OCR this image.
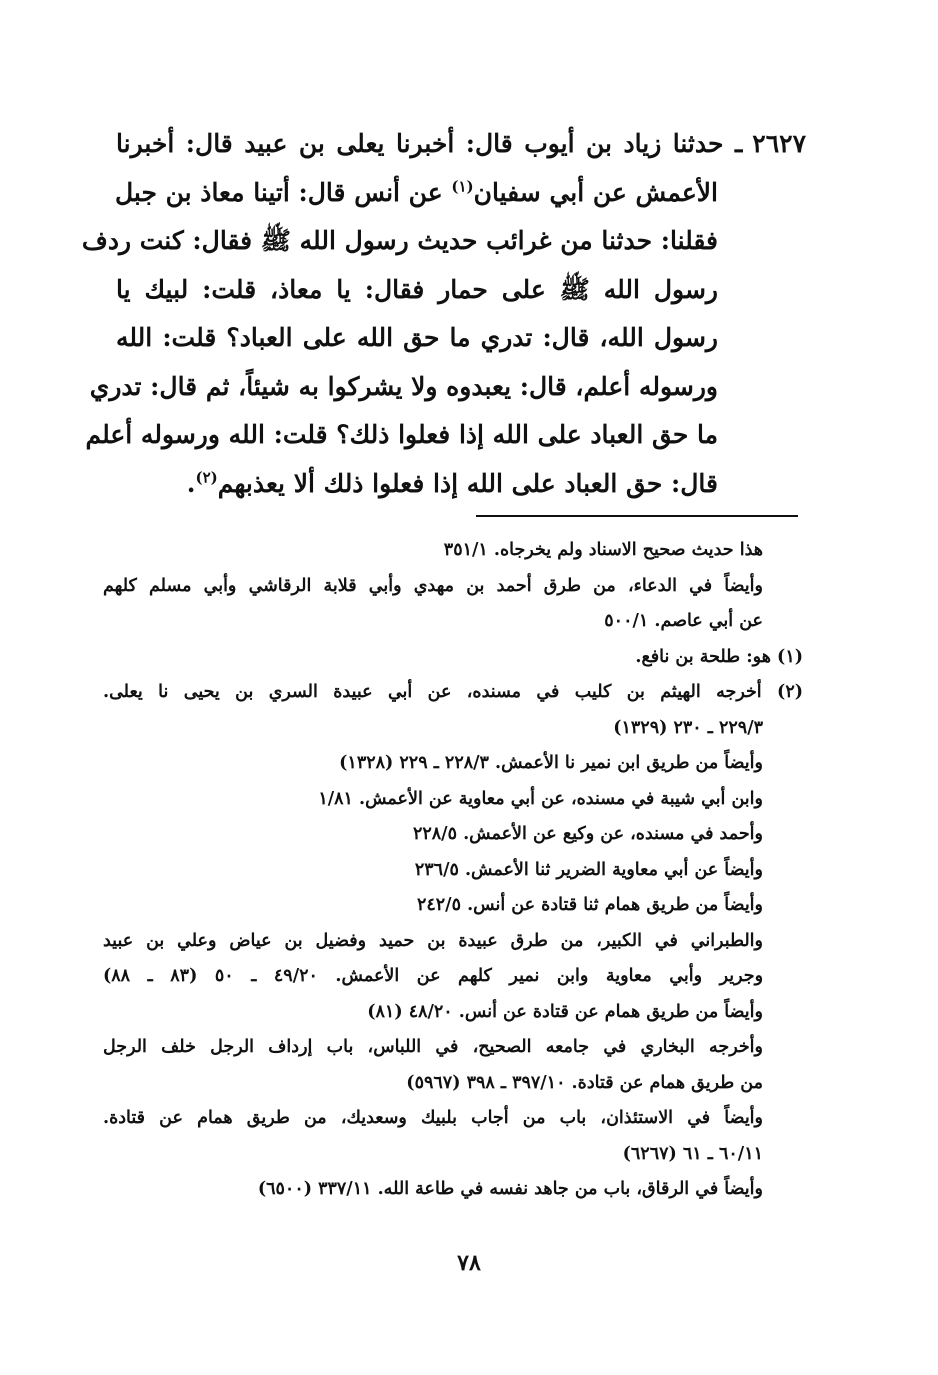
٢٦٢٧ـ حدثنا زياد بن أيوب قال: أخبرنا يعلى بن عبيد قال: أخبرنا
الأعمش عن أبي سفيان$^{(١)}$ عن أنس قال: أتينا معاذ بن جبل
فقلنا: حدثنا من غرائب حديث رسول الله ﷺ فقال: كنت ردف
رسول الله ﷺ على حمار فقال: يا معاذ، قلت: لبيك يا
رسول الله، قال: تدري ما حق الله على العباد؟ قلت: الله
ورسوله أعلم، قال: يعبدوه ولا يشركوا به شيئاً، ثم قال: تدري
ما حق العباد على الله إذا فعلوا ذلك؟ قلت: الله ورسوله أعلم
قال: حق العباد على الله إذا فعلوا ذلك ألا يعذبهم$^{(٢)}$.
هذا حديث صحيح الاسناد ولم يخرجاه. ٣٥١/١
وأيضاً في الدعاء، من طرق أحمد بن مهدي وأبي قلابة الرقاشي وأبي مسلم كلهم
عن أبي عاصم. ٥٠٠/١
(١) هو: طلحة بن نافع.
(٢) أخرجه الهيثم بن كليب في مسنده، عن أبي عبيدة السري بن يحيى نا يعلى.
٢٢٩/٣ ـ ٢٣٠ (١٣٢٩)
وأيضاً من طريق ابن نمير نا الأعمش. ٢٢٨/٣ ـ ٢٢٩ (١٣٢٨)
وابن أبي شيبة في مسنده، عن أبي معاوية عن الأعمش. ١/٨١
وأحمد في مسنده، عن وكيع عن الأعمش. ٢٢٨/٥
وأيضاً عن أبي معاوية الضرير ثنا الأعمش. ٢٣٦/٥
وأيضاً من طريق همام ثنا قتادة عن أنس. ٢٤٢/٥
والطبراني في الكبير، من طرق عبيدة بن حميد وفضيل بن عياض وعلي بن عبيد
وجرير وأبي معاوية وابن نمير كلهم عن الأعمش. ٤٩/٢٠ ـ ٥٠ (٨٣ ـ ٨٨)
وأيضاً من طريق همام عن قتادة عن أنس. ٤٨/٢٠ (٨١)
وأخرجه البخاري في جامعه الصحيح، في اللباس، باب إرداف الرجل خلف الرجل
من طريق همام عن قتادة. ٣٩٧/١٠ ـ ٣٩٨ (٥٩٦٧)
وأيضاً في الاستئذان، باب من أجاب بلبيك وسعديك، من طريق همام عن قتادة.
٦٠/١١ ـ ٦١ (٦٢٦٧)
وأيضاً في الرقاق، باب من جاهد نفسه في طاعة الله. ٣٣٧/١١ (٦٥٠٠)
٧٨
